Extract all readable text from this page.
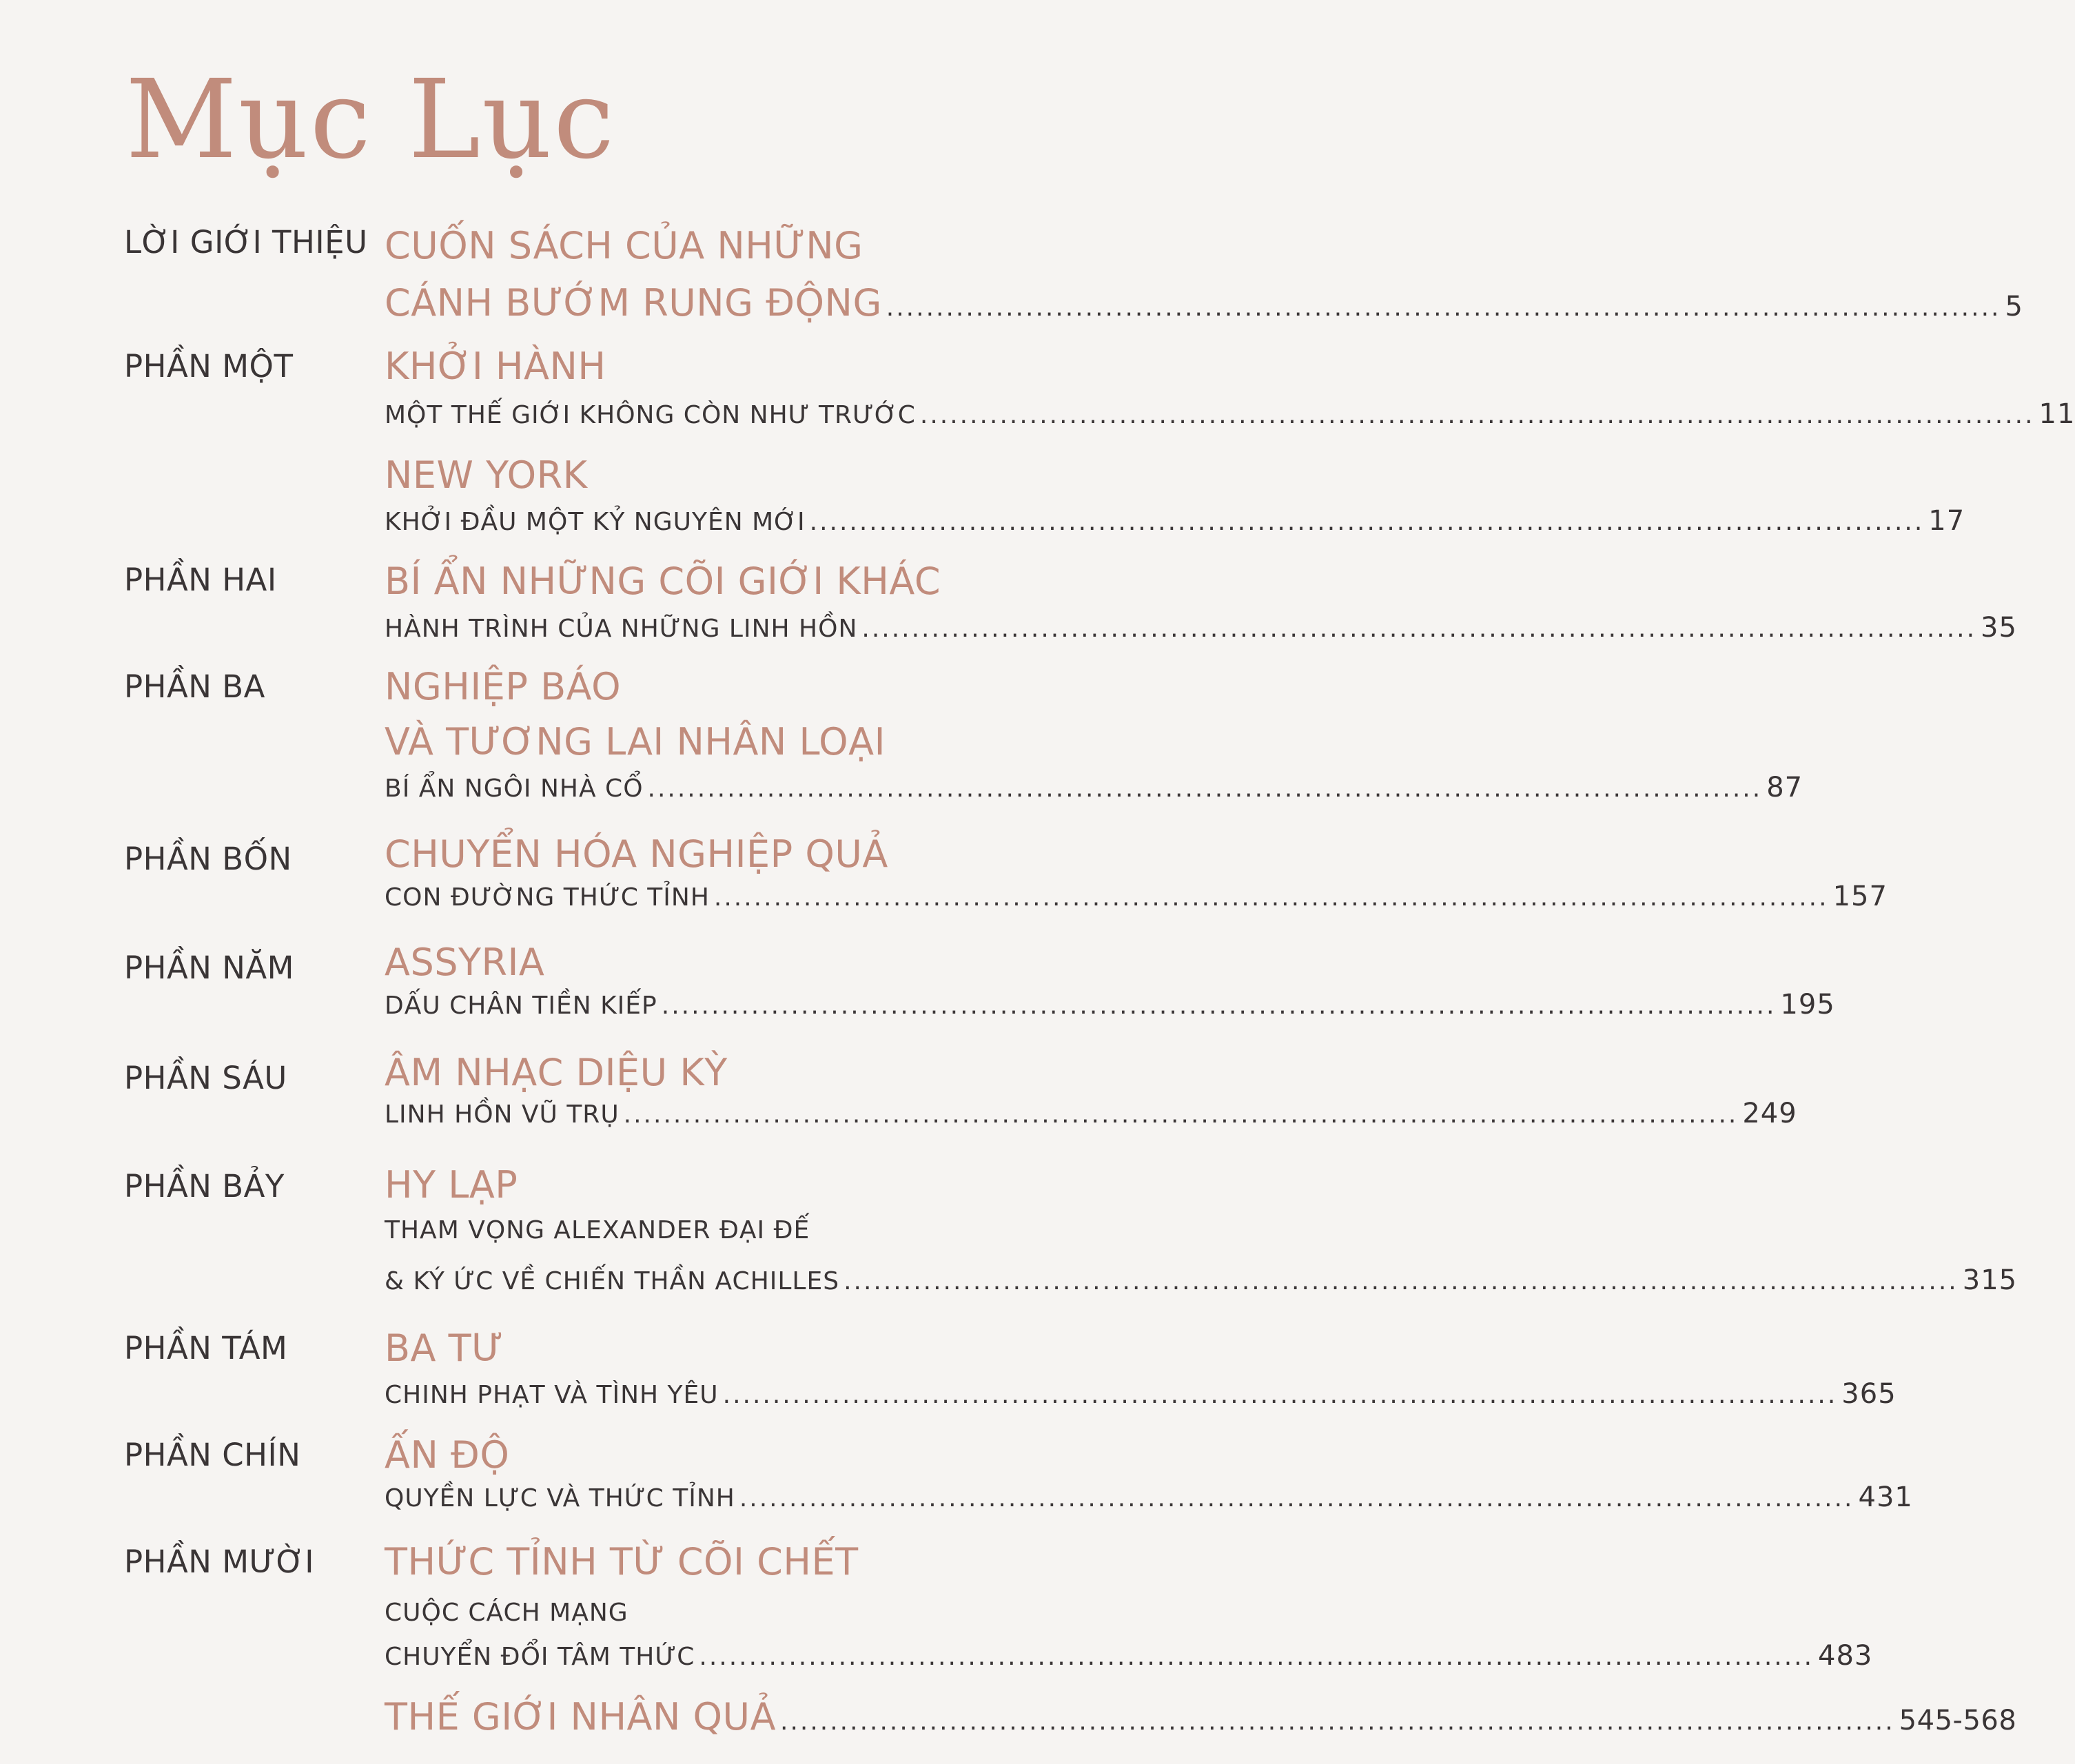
Mục Lục
LỜI GIỚI THIỆU CUỐN SÁCH CỦA NHỮNG
CÁNH BƯỚM RUNG ĐỘNG ................................................................................................................ 5
PHẦN MỘT	KHỞI HÀNH
MỘT THẾ GIỚI KHÔNG CÒN NHƯ TRƯỚC ................................................................................................................ 11
NEW YORK
KHỞI ĐẦU MỘT KỶ NGUYÊN MỚI ................................................................................................................ 17
PHẦN HAI	BÍ ẨN NHỮNG CÕI GIỚI KHÁC
HÀNH TRÌNH CỦA NHỮNG LINH HỒN ................................................................................................................ 35
PHẦN BA	NGHIỆP BÁO
VÀ TƯƠNG LAI NHÂN LOẠI
BÍ ẨN NGÔI NHÀ CỔ ................................................................................................................ 87
PHẦN BỐN	CHUYỂN HÓA NGHIỆP QUẢ
CON ĐƯỜNG THỨC TỈNH ................................................................................................................ 157
PHẦN NĂM	ASSYRIA
DẤU CHÂN TIỀN KIẾP ................................................................................................................ 195
PHẦN SÁU	ÂM NHẠC DIỆU KỲ
LINH HỒN VŨ TRỤ ................................................................................................................ 249
PHẦN BẢY	HY LẠP
THAM VỌNG ALEXANDER ĐẠI ĐẾ
& KÝ ỨC VỀ CHIẾN THẦN ACHILLES ................................................................................................................ 315
PHẦN TÁM	BA TƯ
CHINH PHẠT VÀ TÌNH YÊU ................................................................................................................ 365
PHẦN CHÍN	ẤN ĐỘ
QUYỀN LỰC VÀ THỨC TỈNH ................................................................................................................ 431
PHẦN MƯỜI	THỨC TỈNH TỪ CÕI CHẾT
CUỘC CÁCH MẠNG
CHUYỂN ĐỔI TÂM THỨC ................................................................................................................ 483
THẾ GIỚI NHÂN QUẢ ................................................................................................................ 545-568
